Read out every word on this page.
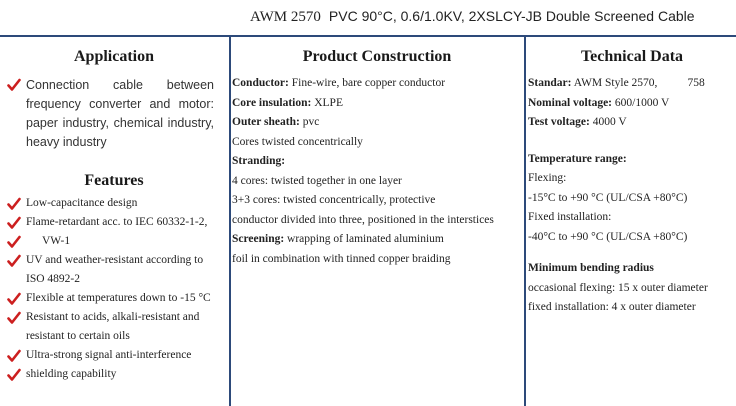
AWM 2570 PVC 90°C, 0.6/1.0KV, 2XSLCY-JB Double Screened Cable
Application
Connection cable between frequency converter and motor: paper industry, chemical industry, heavy industry
Features
Low-capacitance design
Flame-retardant acc. to IEC 60332-1-2,
VW-1
UV and weather-resistant according to
ISO 4892-2
Flexible at temperatures down to -15 °C
Resistant to acids, alkali-resistant and
resistant to certain oils
Ultra-strong signal anti-interference
shielding capability
Product Construction
Conductor: Fine-wire, bare copper conductor
Core insulation: XLPE
Outer sheath: pvc
Cores twisted concentrically
Stranding:
4 cores: twisted together in one layer
3+3 cores: twisted concentrically, protective
conductor divided into three, positioned in the interstices
Screening: wrapping of laminated aluminium
foil in combination with tinned copper braiding
Technical Data
Standar: AWM Style 2570,	758
Nominal voltage: 600/1000 V
Test voltage: 4000 V
Temperature range:
Flexing:
-15°C to +90 °C (UL/CSA +80°C)
Fixed installation:
-40°C to +90 °C (UL/CSA +80°C)
Minimum bending radius
occasional flexing: 15 x outer diameter
fixed installation: 4 x outer diameter
